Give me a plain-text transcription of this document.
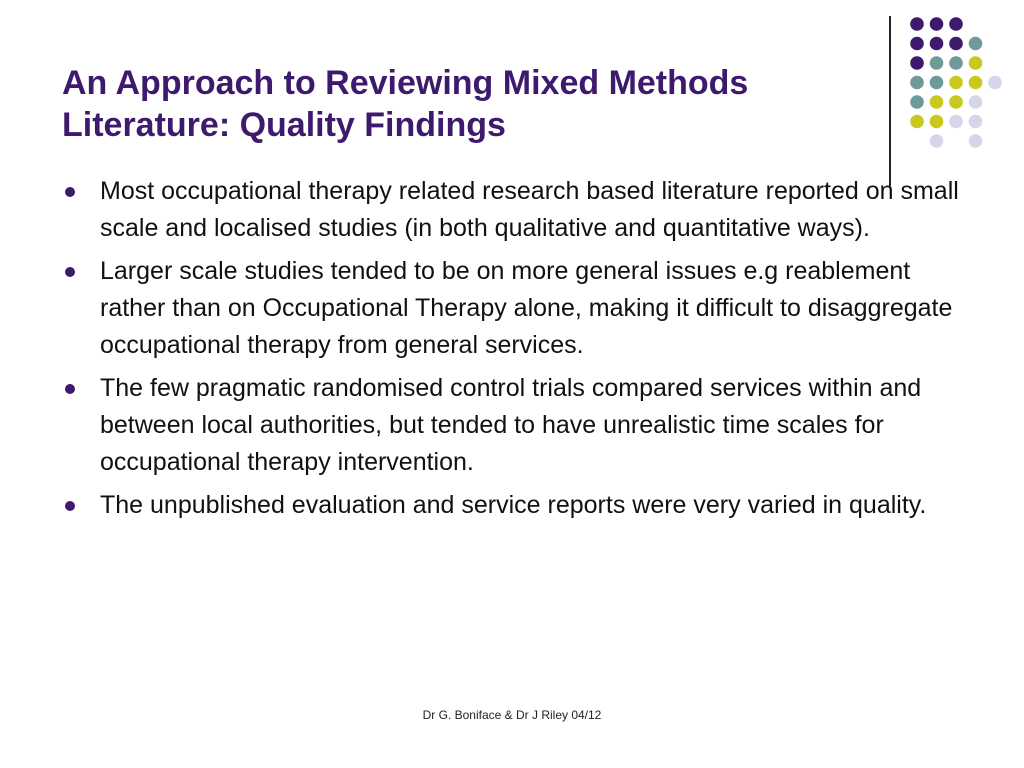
An Approach to Reviewing Mixed Methods
Literature: Quality Findings
Most occupational therapy related research based literature reported on small scale and localised studies (in both qualitative and quantitative ways).
Larger scale studies tended to be on more general issues e.g reablement rather than on Occupational Therapy alone, making it difficult to disaggregate occupational therapy from general services.
The few pragmatic randomised control trials compared services within and between local authorities, but tended to have unrealistic time scales for occupational therapy intervention.
The unpublished evaluation and service reports were very varied in quality.
Dr G. Boniface & Dr J Riley 04/12
